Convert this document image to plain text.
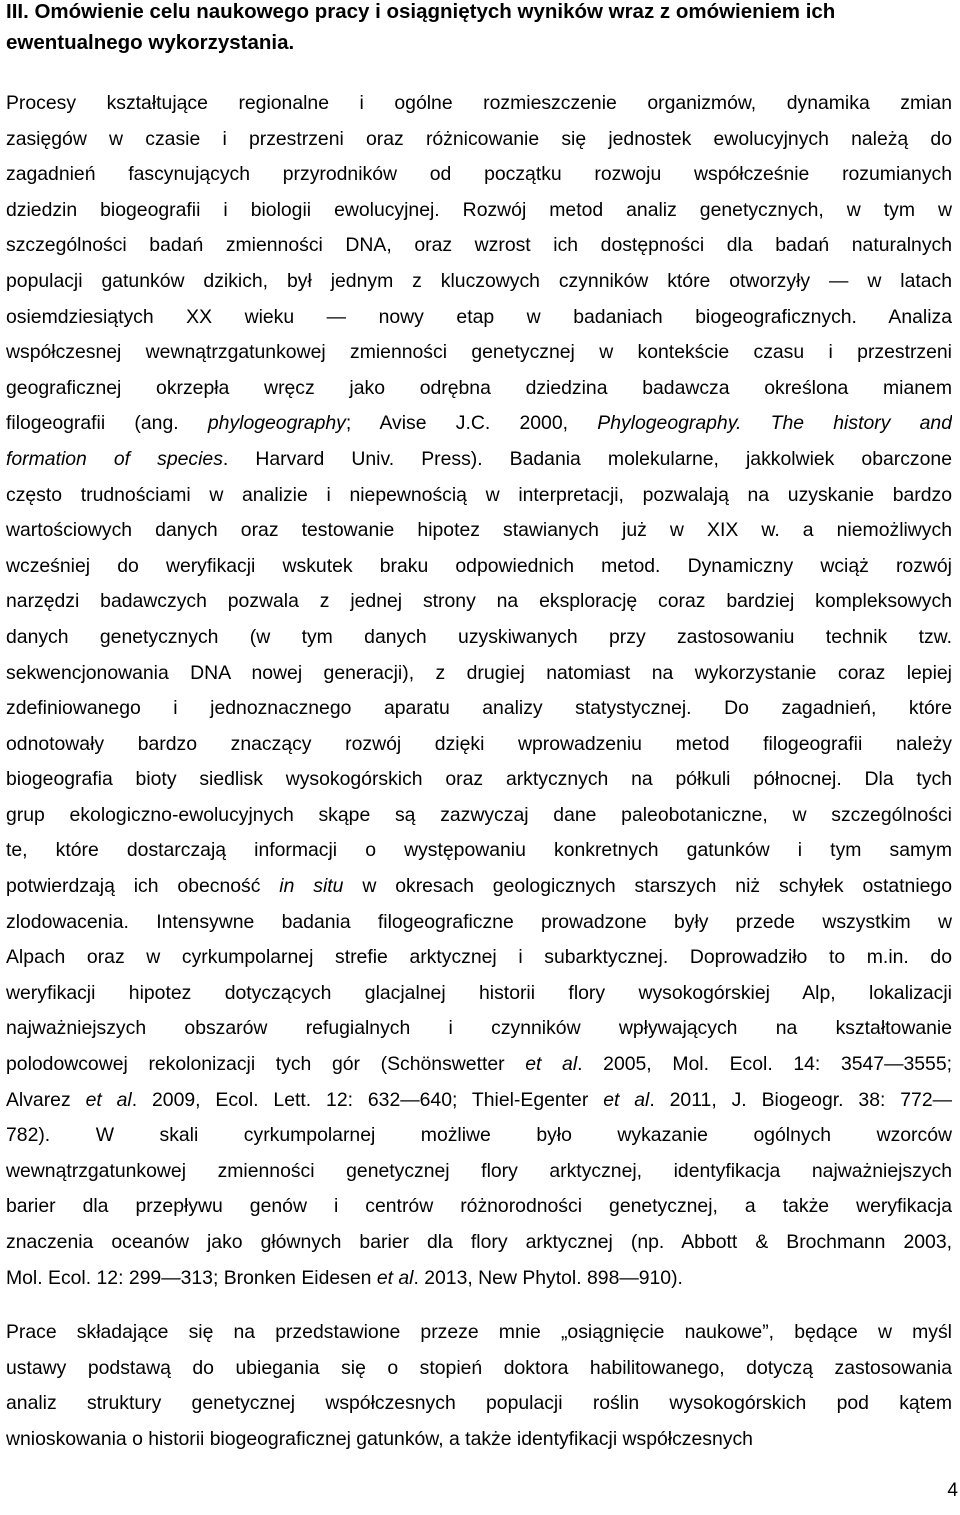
III. Omówienie celu naukowego pracy i osiągniętych wyników wraz z omówieniem ich
ewentualnego wykorzystania.
Procesy kształtujące regionalne i ogólne rozmieszczenie organizmów, dynamika zmian
zasięgów w czasie i przestrzeni oraz różnicowanie się jednostek ewolucyjnych należą do
zagadnień fascynujących przyrodników od początku rozwoju współcześnie rozumianych
dziedzin biogeografii i biologii ewolucyjnej. Rozwój metod analiz genetycznych, w tym w
szczególności badań zmienności DNA, oraz wzrost ich dostępności dla badań naturalnych
populacji gatunków dzikich, był jednym z kluczowych czynników które otworzyły ― w latach
osiemdziesiątych XX wieku ― nowy etap w badaniach biogeograficznych. Analiza
współczesnej wewnątrzgatunkowej zmienności genetycznej w kontekście czasu i przestrzeni
geograficznej okrzepła wręcz jako odrębna dziedzina badawcza określona mianem
filogeografii (ang. phylogeography; Avise J.C. 2000, Phylogeography. The history and
formation of species. Harvard Univ. Press). Badania molekularne, jakkolwiek obarczone
często trudnościami w analizie i niepewnością w interpretacji, pozwalają na uzyskanie bardzo
wartościowych danych oraz testowanie hipotez stawianych już w XIX w. a niemożliwych
wcześniej do weryfikacji wskutek braku odpowiednich metod. Dynamiczny wciąż rozwój
narzędzi badawczych pozwala z jednej strony na eksplorację coraz bardziej kompleksowych
danych genetycznych (w tym danych uzyskiwanych przy zastosowaniu technik tzw.
sekwencjonowania DNA nowej generacji), z drugiej natomiast na wykorzystanie coraz lepiej
zdefiniowanego i jednoznacznego aparatu analizy statystycznej. Do zagadnień, które
odnotowały bardzo znaczący rozwój dzięki wprowadzeniu metod filogeografii należy
biogeografia bioty siedlisk wysokogórskich oraz arktycznych na półkuli północnej. Dla tych
grup ekologiczno-ewolucyjnych skąpe są zazwyczaj dane paleobotaniczne, w szczególności
te, które dostarczają informacji o występowaniu konkretnych gatunków i tym samym
potwierdzają ich obecność in situ w okresach geologicznych starszych niż schyłek ostatniego
zlodowacenia. Intensywne badania filogeograficzne prowadzone były przede wszystkim w
Alpach oraz w cyrkumpolarnej strefie arktycznej i subarktycznej. Doprowadziło to m.in. do
weryfikacji hipotez dotyczących glacjalnej historii flory wysokogórskiej Alp, lokalizacji
najważniejszych obszarów refugialnych i czynników wpływających na kształtowanie
polodowcowej rekolonizacji tych gór (Schönswetter et al. 2005, Mol. Ecol. 14: 3547―3555;
Alvarez et al. 2009, Ecol. Lett. 12: 632―640; Thiel-Egenter et al. 2011, J. Biogeogr. 38: 772―
782). W skali cyrkumpolarnej możliwe było wykazanie ogólnych wzorców
wewnątrzgatunkowej zmienności genetycznej flory arktycznej, identyfikacja najważniejszych
barier dla przepływu genów i centrów różnorodności genetycznej, a także weryfikacja
znaczenia oceanów jako głównych barier dla flory arktycznej (np. Abbott & Brochmann 2003,
Mol. Ecol. 12: 299―313; Bronken Eidesen et al. 2013, New Phytol. 898―910).
Prace składające się na przedstawione przeze mnie „osiągnięcie naukowe”, będące w myśl
ustawy podstawą do ubiegania się o stopień doktora habilitowanego, dotyczą zastosowania
analiz struktury genetycznej współczesnych populacji roślin wysokogórskich pod kątem
wnioskowania o historii biogeograficznej gatunków, a także identyfikacji współczesnych
4
